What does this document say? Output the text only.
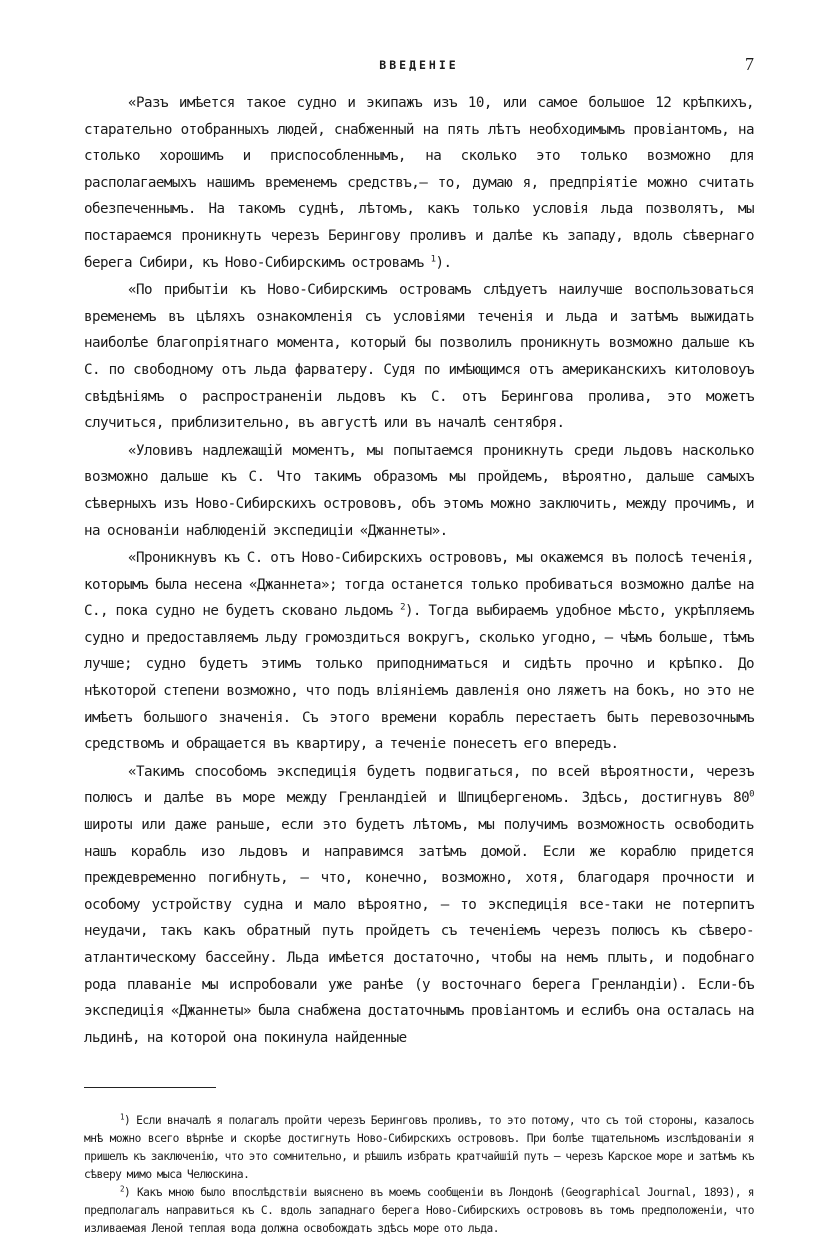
ВВЕДЕНІЕ	7

«Разъ имѣется такое судно и экипажъ изъ 10, или самое большое 12 крѣпкихъ, старательно отобранныхъ людей, снабженный на пять лѣтъ необходимымъ провіантомъ, на столько хорошимъ и приспособленнымъ, на сколько это только возможно для располагаемыхъ нашимъ временемъ средствъ,— то, думаю я, предпріятіе можно считать обезпеченнымъ. На такомъ суднѣ, лѣтомъ, какъ только условія льда позволятъ, мы постараемся проникнуть черезъ Берингову проливъ и далѣе къ западу, вдоль сѣвернаго берега Сибири, къ Ново-Сибирскимъ островамъ $^1$).

«По прибытіи къ Ново-Сибирскимъ островамъ слѣдуетъ наилучше воспользоваться временемъ въ цѣляхъ ознакомленія съ условіями теченія и льда и затѣмъ выжидать наиболѣе благопріятнаго момента, который бы позволилъ проникнуть возможно дальше къ С. по свободному отъ льда фарватеру. Судя по имѣющимся отъ американскихъ китоловоyъ свѣдѣніямъ о распространеніи льдовъ къ С. отъ Берингова пролива, это можетъ случиться, приблизительно, въ августѣ или въ началѣ сентября.

«Уловивъ надлежащій моментъ, мы попытаемся проникнуть среди льдовъ насколько возможно дальше къ С. Что такимъ образомъ мы пройдемъ, вѣроятно, дальше самыхъ сѣверныхъ изъ Ново-Сибирскихъ острововъ, объ этомъ можно заключить, между прочимъ, и на основаніи наблюденій экспедиціи «Джаннеты».

«Проникнувъ къ С. отъ Ново-Сибирскихъ острововъ, мы окажемся въ полосѣ теченія, которымъ была несена «Джаннета»; тогда останется только пробиваться возможно далѣе на С., пока судно не будетъ сковано льдомъ $^2$). Тогда выбираемъ удобное мѣсто, укрѣпляемъ судно и предоставляемъ льду громоздиться вокругъ, сколько угодно, — чѣмъ больше, тѣмъ лучше; судно будетъ этимъ только приподниматься и сидѣть прочно и крѣпко. До нѣкоторой степени возможно, что подъ вліяніемъ давленія оно ляжетъ на бокъ, но это не имѣетъ большого значенія. Съ этого времени корабль перестаетъ быть перевозочнымъ средствомъ и обращается въ квартиру, а теченіе понесетъ его впередъ.

«Такимъ способомъ экспедиція будетъ подвигаться, по всей вѣроятности, черезъ полюсъ и далѣе въ море между Гренландіей и Шпицбергеномъ. Здѣсь, достигнувъ $80^0$ широты или даже раньше, если это будетъ лѣтомъ, мы получимъ возможность освободить нашъ корабль изо льдовъ и направимся затѣмъ домой. Если же кораблю придется преждевременно погибнуть, — что, конечно, возможно, хотя, благодаря прочности и особому устройству судна и мало вѣроятно, — то экспедиція все-таки не потерпитъ неудачи, такъ какъ обратный путь пройдетъ съ теченіемъ черезъ полюсъ къ сѣверо-атлантическому бассейну. Льда имѣется достаточно, чтобы на немъ плыть, и подобнаго рода плаваніе мы испробовали уже ранѣе (у восточнаго берега Гренландіи). Если-бъ экспедиція «Джаннеты» была снабжена достаточнымъ провіантомъ и еслибъ она осталась на льдинѣ, на которой она покинула найденные

$^1$) Если вначалѣ я полагалъ пройти черезъ Беринговъ проливъ, то это потому, что съ той стороны, казалось мнѣ можно всего вѣрнѣе и скорѣе достигнуть Ново-Сибирскихъ острововъ. При болѣе тщательномъ изслѣдованіи я пришелъ къ заключенію, что это сомнительно, и рѣшилъ избрать кратчайшій путь — черезъ Карское море и затѣмъ къ сѣверу мимо мыса Челюскина.

$^2$) Какъ мною было впослѣдствіи выяснено въ моемъ сообщеніи въ Лондонѣ (Geographical Journal, 1893), я предполагалъ направиться къ С. вдоль западнаго берега Ново-Сибирскихъ острововъ въ томъ предположеніи, что изливаемая Леной теплая вода должна освобождать здѣсь море ото льда.
